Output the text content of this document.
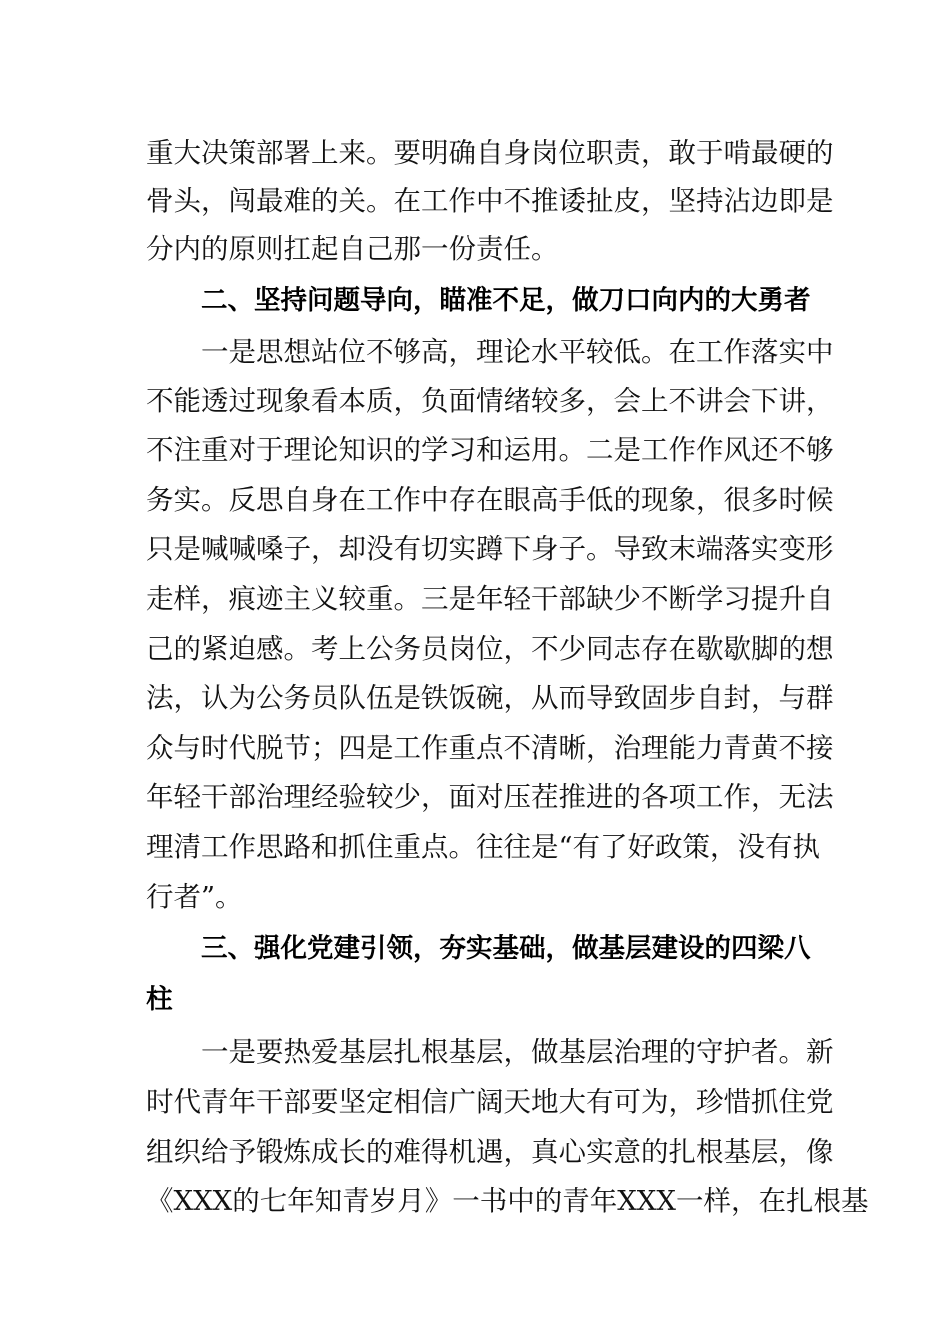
重大决策部署上来。要明确自身岗位职责，敢于啃最硬的
骨头，闯最难的关。在工作中不推诿扯皮，坚持沾边即是
分内的原则扛起自己那一份责任。
二、坚持问题导向，瞄准不足，做刀口向内的大勇者
一是思想站位不够高，理论水平较低。在工作落实中
不能透过现象看本质，负面情绪较多，会上不讲会下讲，
不注重对于理论知识的学习和运用。二是工作作风还不够
务实。反思自身在工作中存在眼高手低的现象，很多时候
只是喊喊嗓子，却没有切实蹲下身子。导致末端落实变形
走样，痕迹主义较重。三是年轻干部缺少不断学习提升自
己的紧迫感。考上公务员岗位，不少同志存在歇歇脚的想
法，认为公务员队伍是铁饭碗，从而导致固步自封，与群
众与时代脱节；四是工作重点不清晰，治理能力青黄不接
年轻干部治理经验较少，面对压茬推进的各项工作，无法
理清工作思路和抓住重点。往往是“有了好政策，没有执
行者”。
三、强化党建引领，夯实基础，做基层建设的四梁八
柱
一是要热爱基层扎根基层，做基层治理的守护者。新
时代青年干部要坚定相信广阔天地大有可为，珍惜抓住党
组织给予锻炼成长的难得机遇，真心实意的扎根基层，像
《XXX的七年知青岁月》一书中的青年XXX一样，在扎根基
